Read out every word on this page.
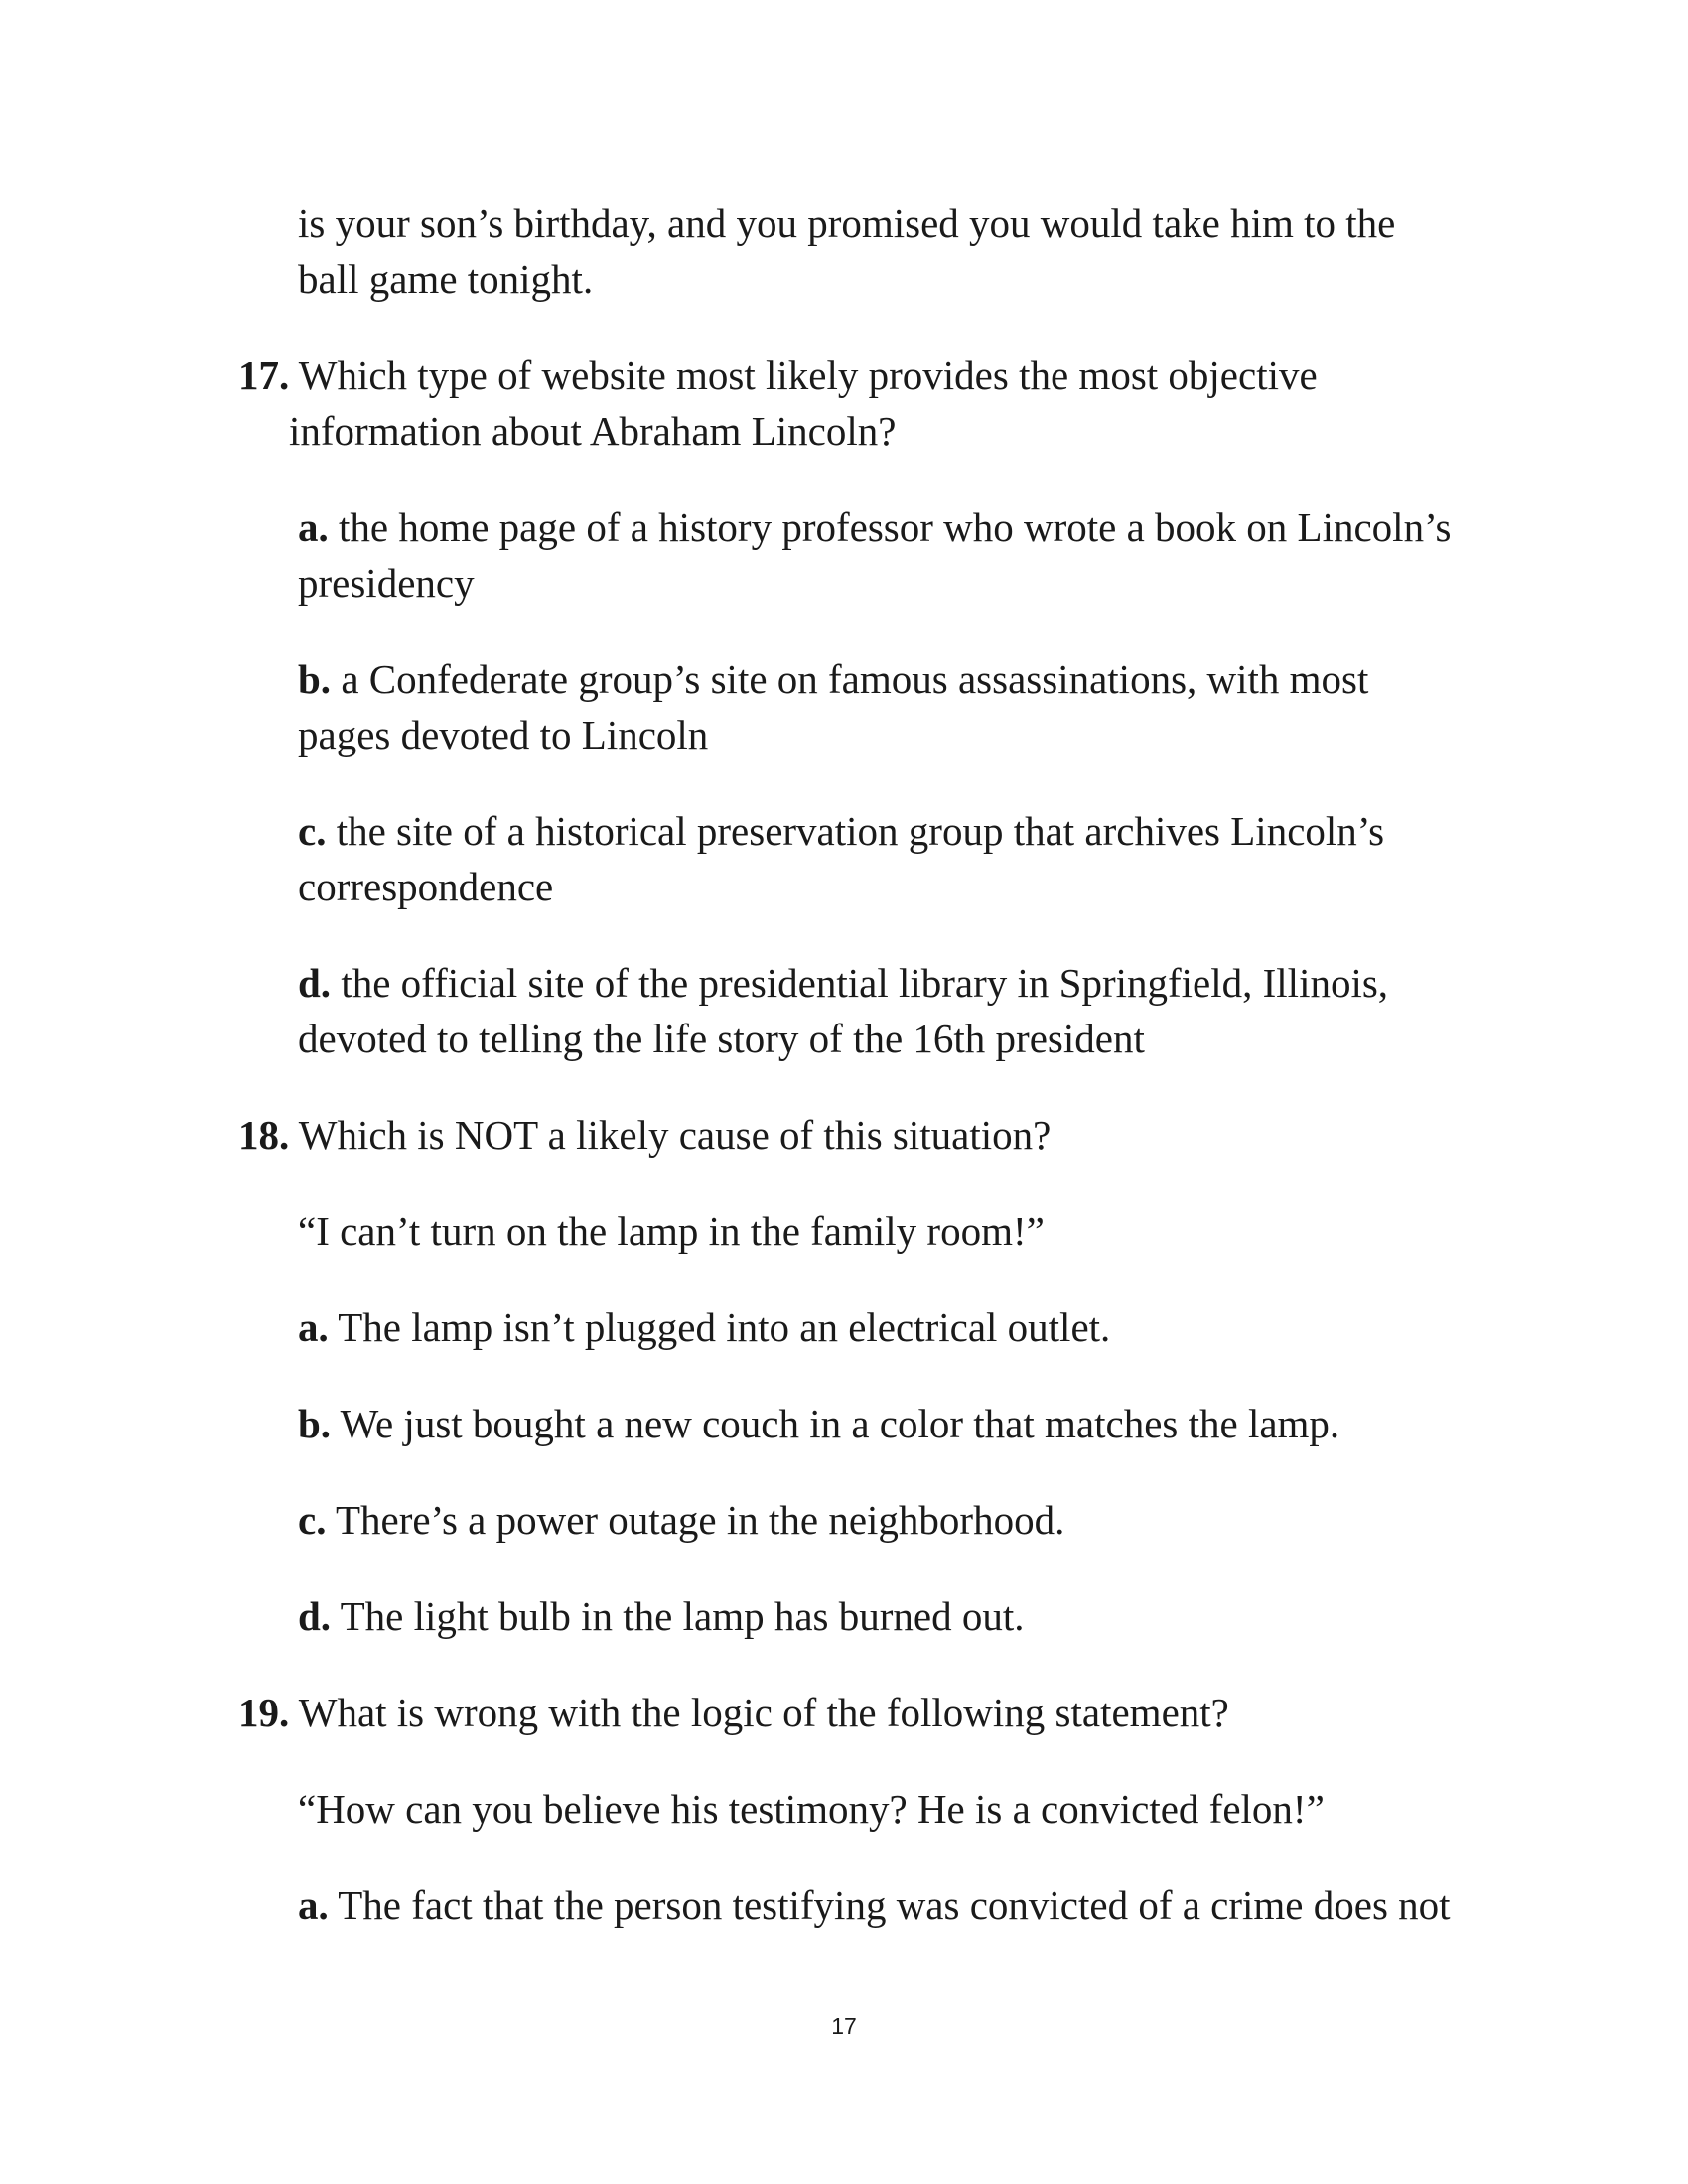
is your son’s birthday, and you promised you would take him to the
ball game tonight.
17. Which type of website most likely provides the most objective
information about Abraham Lincoln?
a. the home page of a history professor who wrote a book on Lincoln’s
presidency
b. a Confederate group’s site on famous assassinations, with most
pages devoted to Lincoln
c. the site of a historical preservation group that archives Lincoln’s
correspondence
d. the official site of the presidential library in Springfield, Illinois,
devoted to telling the life story of the 16th president
18. Which is NOT a likely cause of this situation?
“I can’t turn on the lamp in the family room!”
a. The lamp isn’t plugged into an electrical outlet.
b. We just bought a new couch in a color that matches the lamp.
c. There’s a power outage in the neighborhood.
d. The light bulb in the lamp has burned out.
19. What is wrong with the logic of the following statement?
“How can you believe his testimony? He is a convicted felon!”
a. The fact that the person testifying was convicted of a crime does not
17
